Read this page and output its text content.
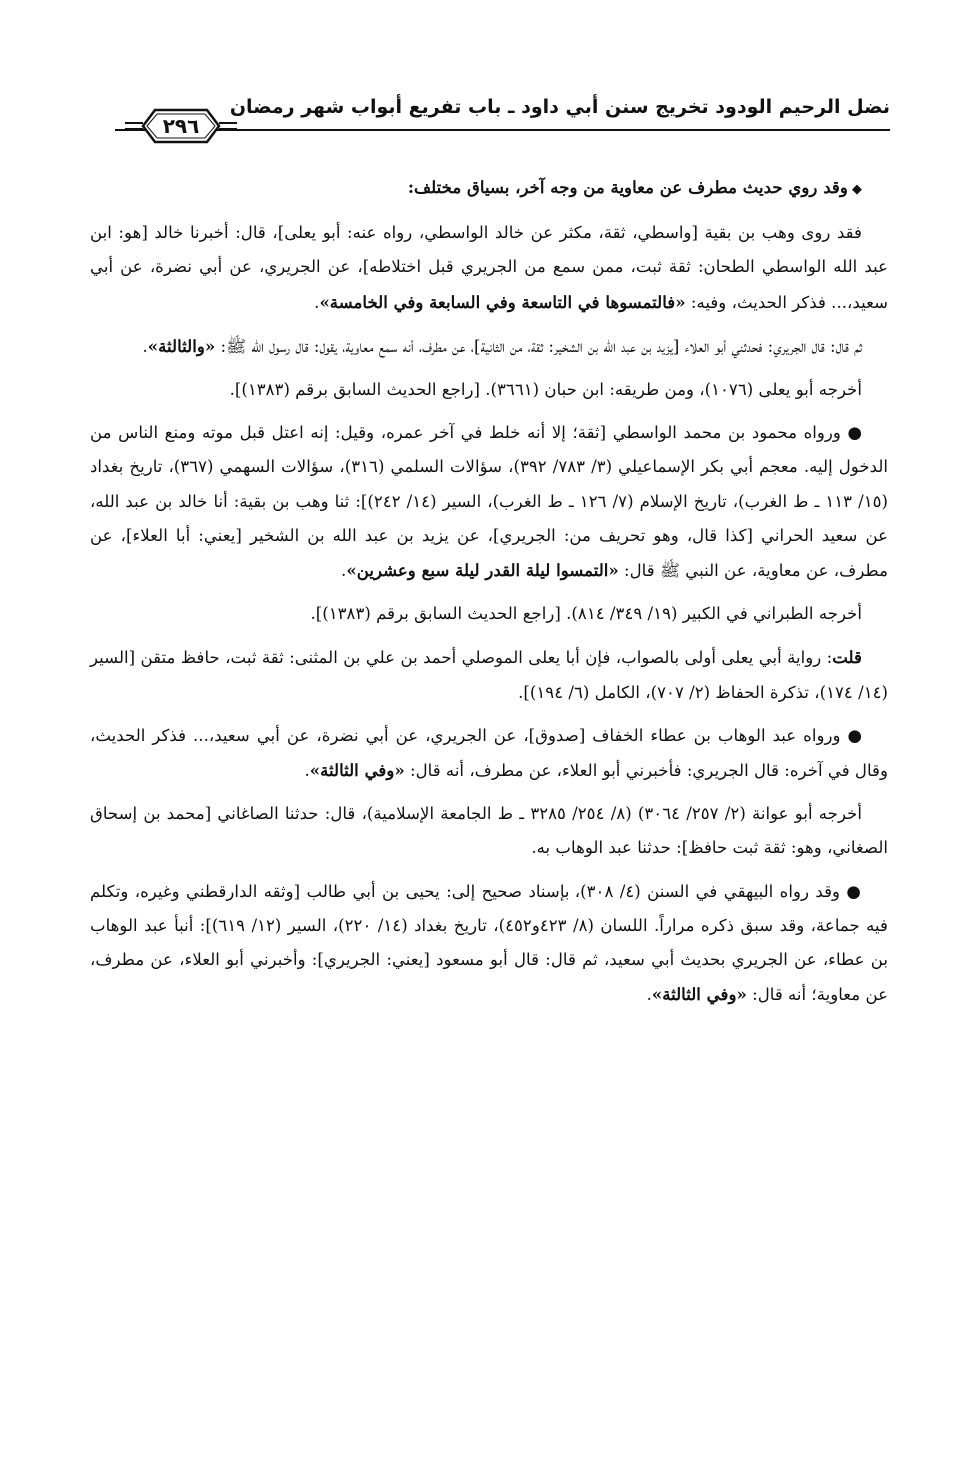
نضل الرحيم الودود تخريج سنن أبي داود ـ باب تفريع أبواب شهر رمضان
٢٩٦

◆ وقد روي حديث مطرف عن معاوية من وجه آخر، بسياق مختلف:

فقد روى وهب بن بقية [واسطي، ثقة، مكثر عن خالد الواسطي، رواه عنه: أبو يعلى]، قال: أخبرنا خالد [هو: ابن عبد الله الواسطي الطحان: ثقة ثبت، ممن سمع من الجريري قبل اختلاطه]، عن الجريري، عن أبي نضرة، عن أبي سعيد،... فذكر الحديث، وفيه: «فالتمسوها في التاسعة وفي السابعة وفي الخامسة».

ثم قال: قال الجريري: فحدثني أبو العلاء [يزيد بن عبد الله بن الشخير: ثقة، من الثانية]، عن مطرف، أنه سمع معاوية، يقول: قال رسول الله ﷺ: «والثالثة».

أخرجه أبو يعلى (١٠٧٦)، ومن طريقه: ابن حبان (٣٦٦١). [راجع الحديث السابق برقم (١٣٨٣)].

● ورواه محمود بن محمد الواسطي [ثقة؛ إلا أنه خلط في آخر عمره، وقيل: إنه اعتل قبل موته ومنع الناس من الدخول إليه. معجم أبي بكر الإسماعيلي (٣/ ٧٨٣/ ٣٩٢)، سؤالات السلمي (٣١٦)، سؤالات السهمي (٣٦٧)، تاريخ بغداد (١٥/ ١١٣ ـ ط الغرب)، تاريخ الإسلام (٧/ ١٢٦ ـ ط الغرب)، السير (١٤/ ٢٤٢)]: ثنا وهب بن بقية: أنا خالد بن عبد الله، عن سعيد الحراني [كذا قال، وهو تحريف من: الجريري]، عن يزيد بن عبد الله بن الشخير [يعني: أبا العلاء]، عن مطرف، عن معاوية، عن النبي ﷺ قال: «التمسوا ليلة القدر ليلة سبع وعشرين».

أخرجه الطبراني في الكبير (١٩/ ٣٤٩/ ٨١٤). [راجع الحديث السابق برقم (١٣٨٣)].

قلت: رواية أبي يعلى أولى بالصواب، فإن أبا يعلى الموصلي أحمد بن علي بن المثنى: ثقة ثبت، حافظ متقن [السير (١٤/ ١٧٤)، تذكرة الحفاظ (٢/ ٧٠٧)، الكامل (٦/ ١٩٤)].

● ورواه عبد الوهاب بن عطاء الخفاف [صدوق]، عن الجريري، عن أبي نضرة، عن أبي سعيد،... فذكر الحديث، وقال في آخره: قال الجريري: فأخبرني أبو العلاء، عن مطرف، أنه قال: «وفي الثالثة».

أخرجه أبو عوانة (٢/ ٢٥٧/ ٣٠٦٤) (٨/ ٢٥٤/ ٣٢٨٥ ـ ط الجامعة الإسلامية)، قال: حدثنا الصاغاني [محمد بن إسحاق الصغاني، وهو: ثقة ثبت حافظ]: حدثنا عبد الوهاب به.

● وقد رواه البيهقي في السنن (٤/ ٣٠٨)، بإسناد صحيح إلى: يحيى بن أبي طالب [وثقه الدارقطني وغيره، وتكلم فيه جماعة، وقد سبق ذكره مراراً. اللسان (٨/ ٤٢٣و٤٥٢)، تاريخ بغداد (١٤/ ٢٢٠)، السير (١٢/ ٦١٩)]: أنبأ عبد الوهاب بن عطاء، عن الجريري بحديث أبي سعيد، ثم قال: قال أبو مسعود [يعني: الجريري]: وأخبرني أبو العلاء، عن مطرف، عن معاوية؛ أنه قال: «وفي الثالثة».
